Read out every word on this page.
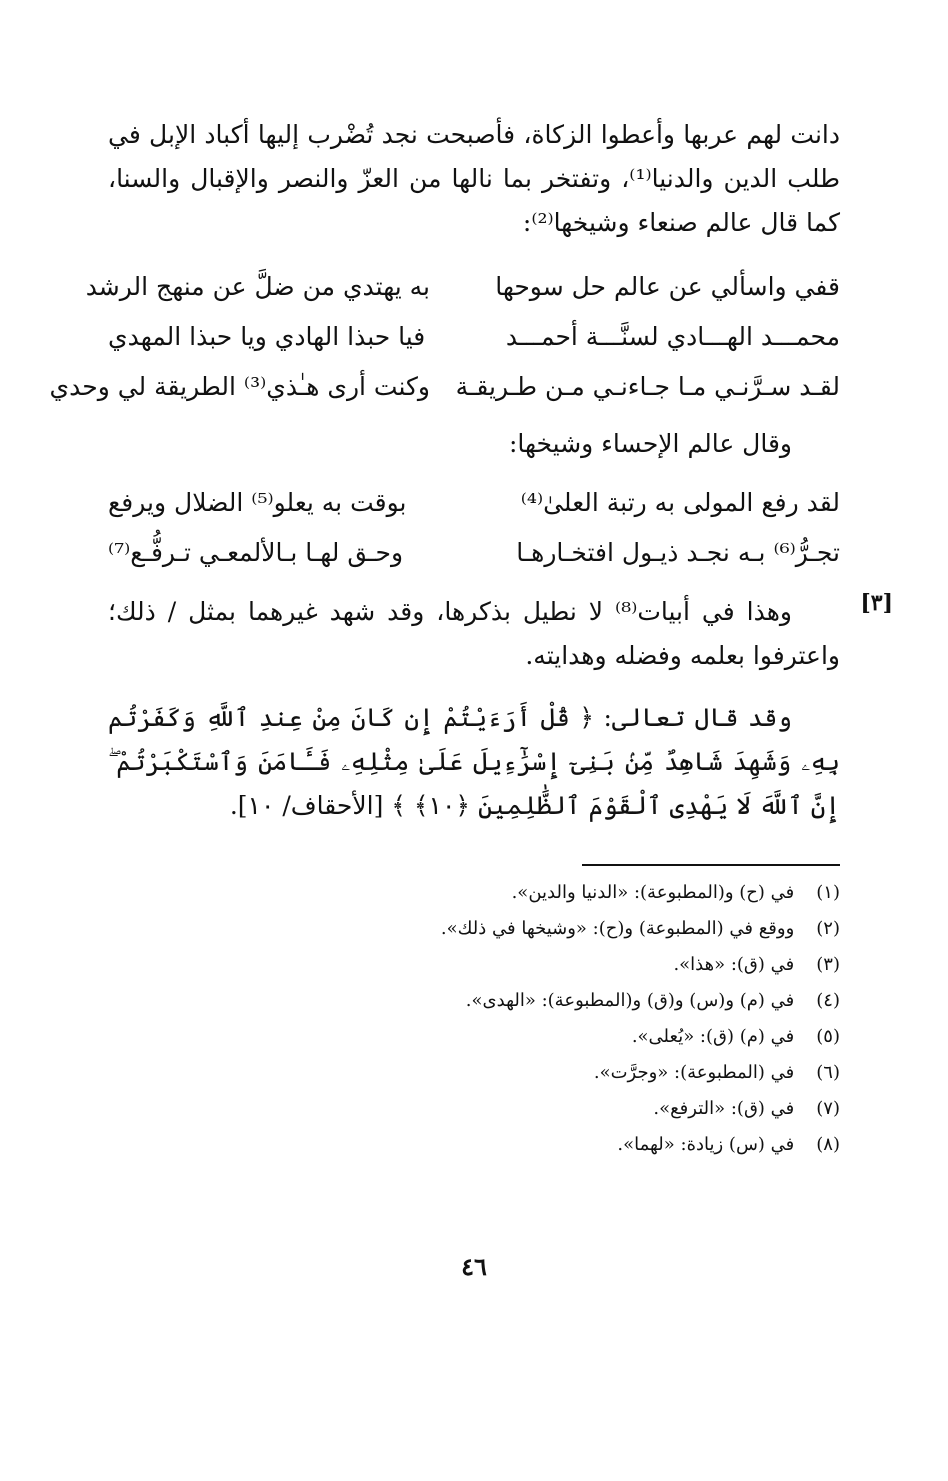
دانت لهم عربها وأعطوا الزكاة، فأصبحت نجد تُضْرب إليها أكباد الإبل في طلب الدين والدنيا⁽¹⁾، وتفتخر بما نالها من العزّ والنصر والإقبال والسنا، كما قال عالم صنعاء وشيخها⁽²⁾:

قفي واسألي عن عالم حل سوحها
به يهتدي من ضلَّ عن منهج الرشد
محمـــد الهـــادي لسنَّـــة أحمـــد
فيا حبذا الهادي ويا حبذا المهدي
لقـد سـرَّنـي مـا جـاءنـي مـن طـريقـة
وكنت أرى هـٰذي⁽³⁾ الطريقة لي وحدي

وقال عالم الإحساء وشيخها:

لقد رفع المولى به رتبة العلىٰ⁽⁴⁾
بوقت به يعلو⁽⁵⁾ الضلال ويرفع
تجـرُّ⁽⁶⁾ بـه نجـد ذيـول افتخـارهـا
وحـق لهـا بـالألمعـي تـرفُّـع⁽⁷⁾
[٣]

وهذا في أبيات⁽⁸⁾ لا نطيل بذكرها، وقد شهد غيرهما بمثل / ذلك؛ واعترفوا بعلمه وفضله وهدايته.

وقد قال تعالى: ﴿ قُلْ أَرَءَيْتُمْ إِن كَانَ مِنْ عِندِ ٱللَّهِ وَكَفَرْتُم بِهِۦ وَشَهِدَ شَاهِدٌ مِّنۢ بَنِىٓ إِسْرَٰٓءِيلَ عَلَىٰ مِثْلِهِۦ فَـَٔامَنَ وَٱسْتَكْبَرْتُمْ ۖ إِنَّ ٱللَّهَ لَا يَهْدِى ٱلْقَوْمَ ٱلظَّٰلِمِينَ ﴿١٠﴾ ﴾ [الأحقاف/ ١٠].

(١) في (ح) و(المطبوعة): «الدنيا والدين».
(٢) ووقع في (المطبوعة) و(ح): «وشيخها في ذلك».
(٣) في (ق): «هذا».
(٤) في (م) و(س) و(ق) و(المطبوعة): «الهدى».
(٥) في (م) (ق): «يُعلى».
(٦) في (المطبوعة): «وجرَّت».
(٧) في (ق): «الترفع».
(٨) في (س) زيادة: «لهما».
٤٦
